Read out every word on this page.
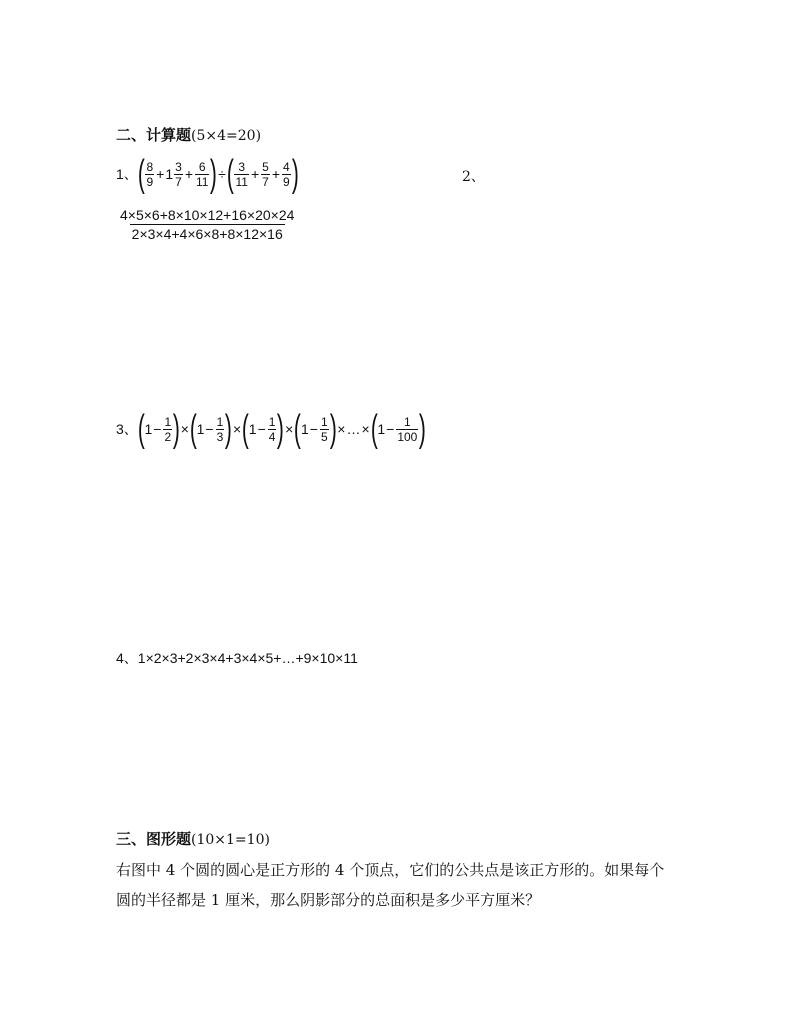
二、计算题(5×4=20)
1、 ( $\frac{8}{9} + 1 \frac{3}{7} + \frac{6}{11}$ ) ÷ ( $\frac{3}{11} + \frac{5}{7} + \frac{4}{9}$ )	2、
$\frac{4\times 5\times 6+8\times 10\times 12+16\times 20\times 24}{2\times 3\times 4+4\times 6\times 8+8\times 12\times 16}$
3、 ( $1 - \frac{1}{2}$ ) × ( $1 - \frac{1}{3}$ ) × ( $1 - \frac{1}{4}$ ) × ( $1 - \frac{1}{5}$ ) × … × ( $1 - \frac{1}{100}$ )
4、 1×2×3+2×3×4+3×4×5+…+9×10×11
三、图形题(10×1=10)
右图中 4 个圆的圆心是正方形的 4 个顶点，它们的公共点是该正方形的。如果每个
圆的半径都是 1 厘米，那么阴影部分的总面积是多少平方厘米？
